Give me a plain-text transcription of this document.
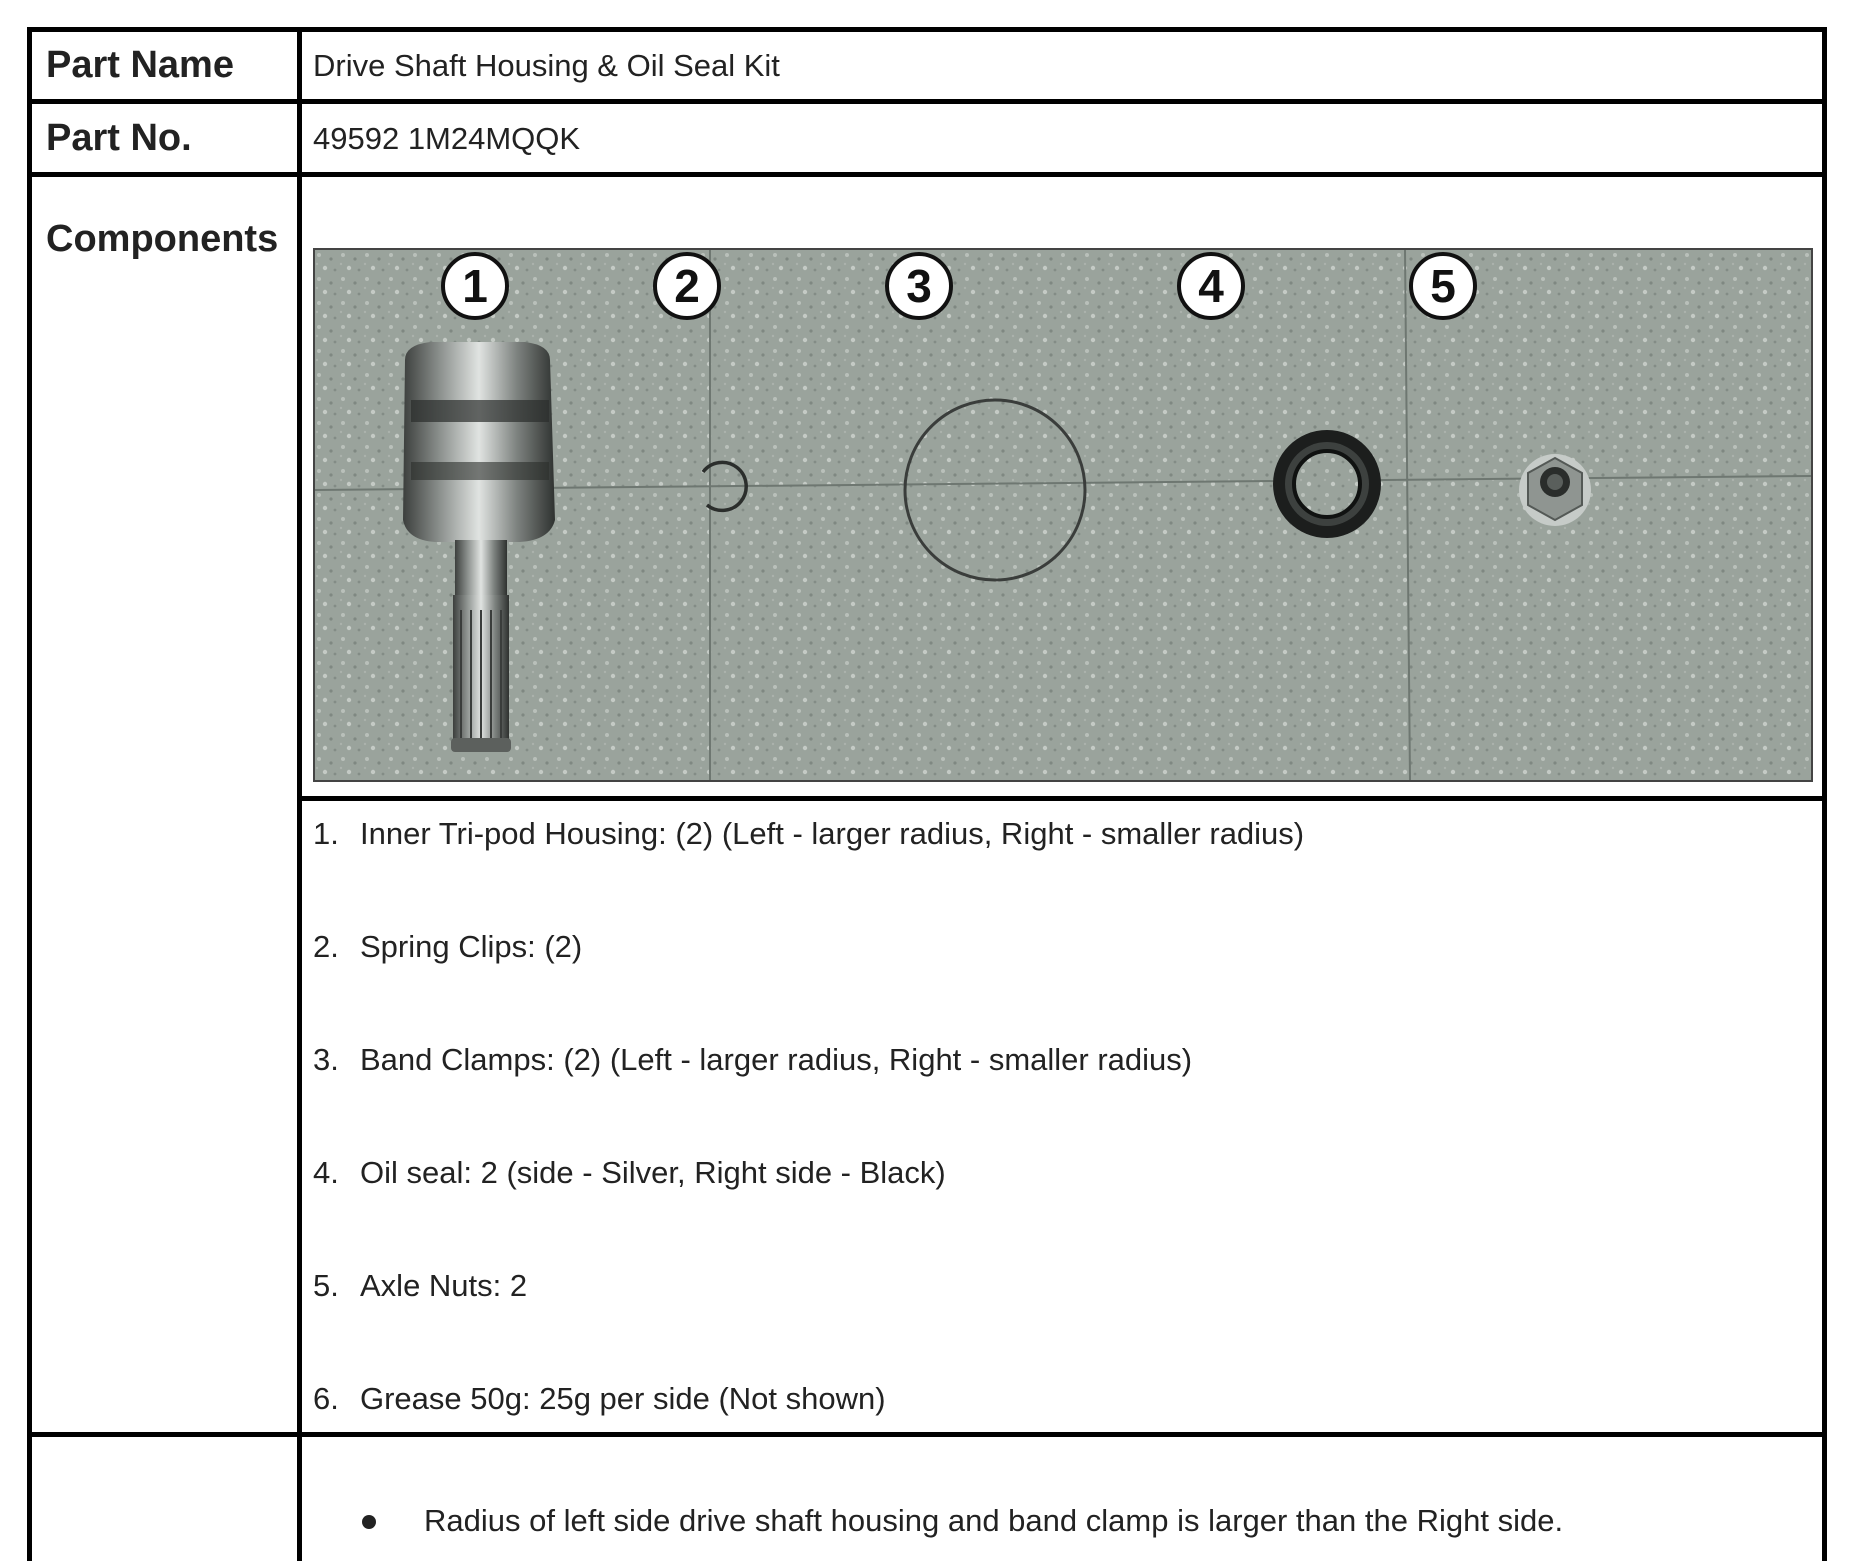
Part Name	Drive Shaft Housing & Oil Seal Kit
Part No.	49592 1M24MQQK
Components
1	2	3	4	5
1. Inner Tri-pod Housing: (2) (Left - larger radius, Right - smaller radius)
2. Spring Clips: (2)
3. Band Clamps: (2) (Left - larger radius, Right - smaller radius)
4. Oil seal: 2 (side - Silver, Right side - Black)
5. Axle Nuts: 2
6. Grease 50g: 25g per side (Not shown)
Radius of left side drive shaft housing and band clamp is larger than the Right side.
